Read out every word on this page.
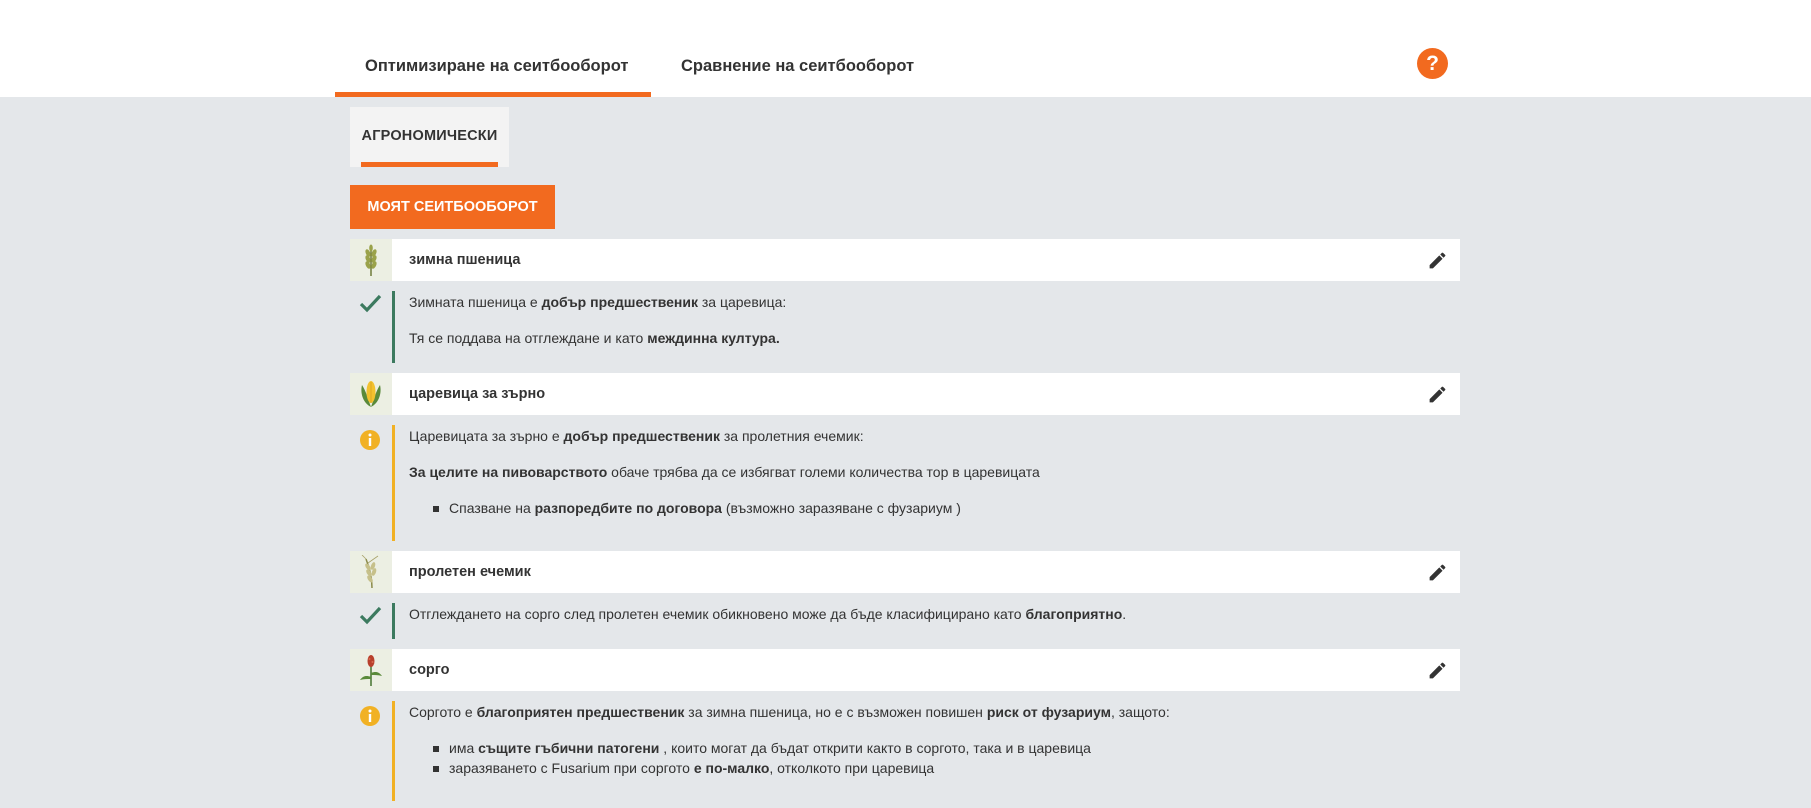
Оптимизиране на сеитбооборот	Сравнение на сеитбооборот	?
АГРОНОМИЧЕСКИ
МОЯТ СЕИТБООБОРОТ
зимна пшеница

Зимната пшеница е добър предшественик за царевица:

Тя се поддава на отглеждане и като междинна култура.

царевица за зърно

Царевицата за зърно е добър предшественик за пролетния ечемик:

За целите на пивоварството обаче трябва да се избягват големи количества тор в царевицата

Спазване на разпоредбите по договора (възможно заразяване с фузариум )
пролетен ечемик

Отглеждането на сорго след пролетен ечемик обикновено може да бъде класифицирано като благоприятно.

сорго

Соргото е благоприятен предшественик за зимна пшеница, но е с възможен повишен риск от фузариум, защото:

има същите гъбични патогени , които могат да бъдат открити както в соргото, така и в царевица
заразяването с Fusarium при соргото е по-малко, отколкото при царевица
